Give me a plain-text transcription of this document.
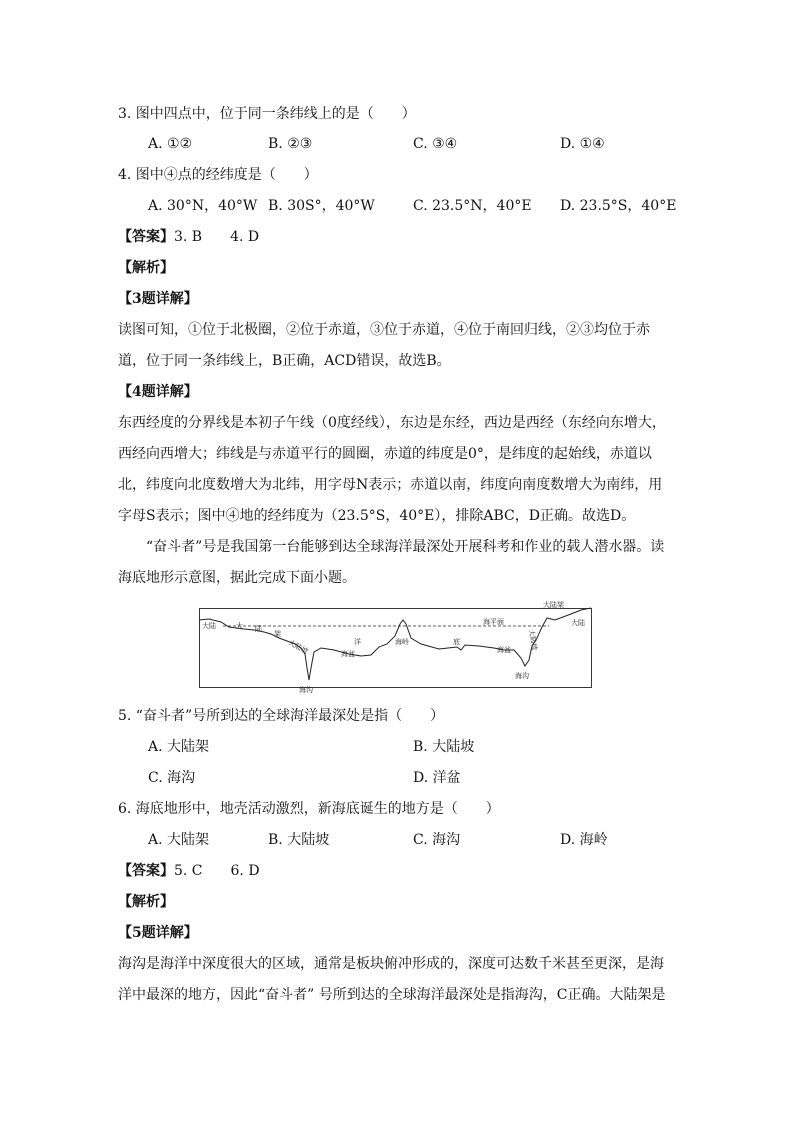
3. 图中四点中，位于同一条纬线上的是（　　）
A. ①②	B. ②③	C. ③④	D. ①④
4. 图中④点的经纬度是（　　）
A. 30°N，40°W B. 30S°，40°W	C. 23.5°N，40°E D. 23.5°S，40°E
【答案】3. B　　4. D
【解析】
【3题详解】
读图可知，①位于北极圈，②位于赤道，③位于赤道，④位于南回归线，②③均位于赤
道，位于同一条纬线上，B正确，ACD错误，故选B。
【4题详解】
东西经度的分界线是本初子午线（0度经线），东边是东经，西边是西经（东经向东增大，
西经向西增大；纬线是与赤道平行的圆圈，赤道的纬度是0°，是纬度的起始线，赤道以
北，纬度向北度数增大为北纬，用字母N表示；赤道以南，纬度向南度数增大为南纬，用
字母S表示；图中④地的经纬度为（23.5°S，40°E），排除ABC，D正确。故选D。
“奋斗者”号是我国第一台能够到达全球海洋最深处开展科考和作业的载人潜水器。读
海底地形示意图，据此完成下面小题。
大陆	大 陆
架
大陆坡
海沟
洋
海盆
海岭	底
海平面
海盆
海沟
大陆坡
大陆架
大陆
5. “奋斗者”号所到达的全球海洋最深处是指（　　）
A. 大陆架	B. 大陆坡
C. 海沟	D. 洋盆
6. 海底地形中，地壳活动激烈，新海底诞生的地方是（　　）
A. 大陆架	B. 大陆坡	C. 海沟	D. 海岭
【答案】5. C　　6. D
【解析】
【5题详解】
海沟是海洋中深度很大的区域，通常是板块俯冲形成的，深度可达数千米甚至更深，是海
洋中最深的地方，因此“奋斗者” 号所到达的全球海洋最深处是指海沟，C正确。大陆架是
